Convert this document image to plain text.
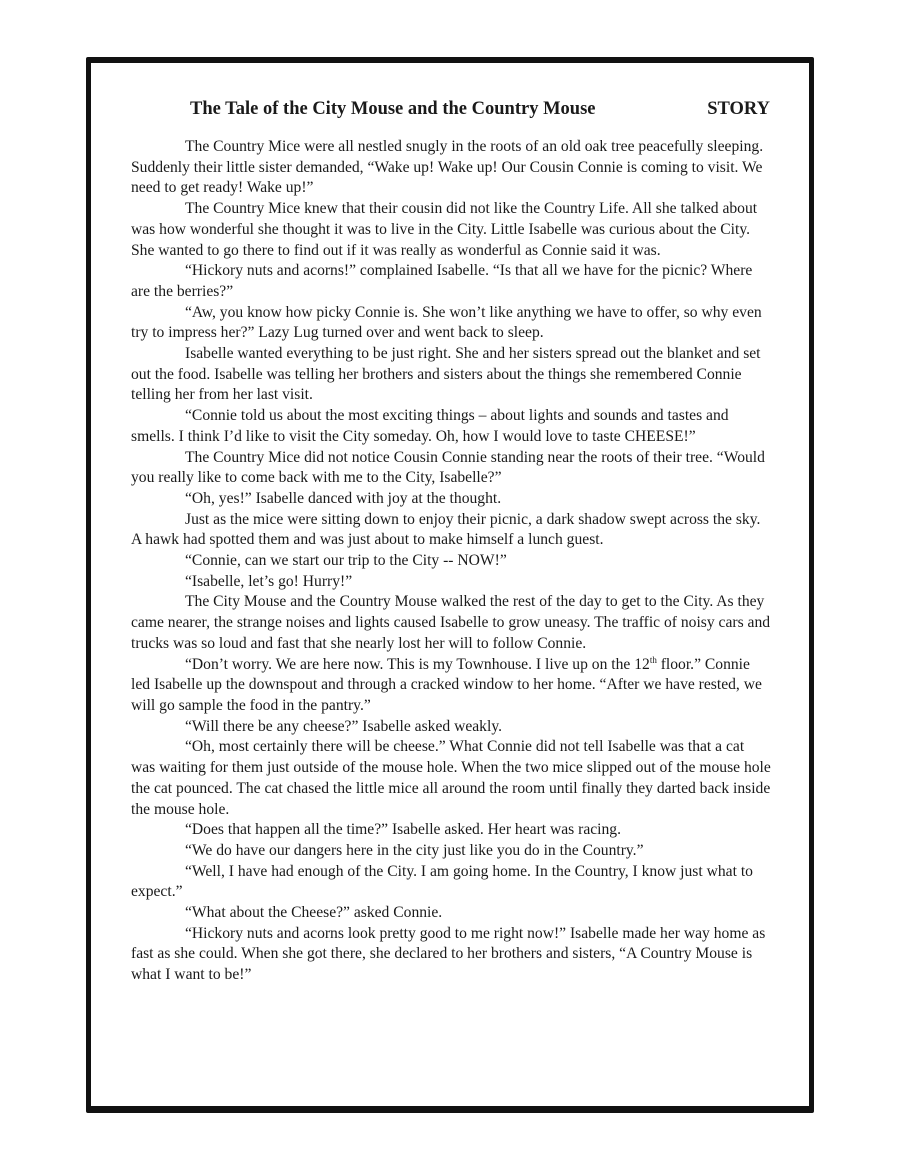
The Tale of the City Mouse and the Country Mouse	STORY

The Country Mice were all nestled snugly in the roots of an old oak tree peacefully sleeping. Suddenly their little sister demanded, “Wake up! Wake up! Our Cousin Connie is coming to visit. We need to get ready! Wake up!”

The Country Mice knew that their cousin did not like the Country Life. All she talked about was how wonderful she thought it was to live in the City. Little Isabelle was curious about the City. She wanted to go there to find out if it was really as wonderful as Connie said it was.

“Hickory nuts and acorns!” complained Isabelle. “Is that all we have for the picnic? Where are the berries?”

“Aw, you know how picky Connie is. She won’t like anything we have to offer, so why even try to impress her?” Lazy Lug turned over and went back to sleep.

Isabelle wanted everything to be just right. She and her sisters spread out the blanket and set out the food. Isabelle was telling her brothers and sisters about the things she remembered Connie telling her from her last visit.

“Connie told us about the most exciting things – about lights and sounds and tastes and smells. I think I’d like to visit the City someday. Oh, how I would love to taste CHEESE!”

The Country Mice did not notice Cousin Connie standing near the roots of their tree. “Would you really like to come back with me to the City, Isabelle?”

“Oh, yes!” Isabelle danced with joy at the thought.

Just as the mice were sitting down to enjoy their picnic, a dark shadow swept across the sky. A hawk had spotted them and was just about to make himself a lunch guest.

“Connie, can we start our trip to the City -- NOW!”

“Isabelle, let’s go! Hurry!”

The City Mouse and the Country Mouse walked the rest of the day to get to the City. As they came nearer, the strange noises and lights caused Isabelle to grow uneasy. The traffic of noisy cars and trucks was so loud and fast that she nearly lost her will to follow Connie.

“Don’t worry. We are here now. This is my Townhouse. I live up on the 12th floor.” Connie led Isabelle up the downspout and through a cracked window to her home. “After we have rested, we will go sample the food in the pantry.”

“Will there be any cheese?” Isabelle asked weakly.

“Oh, most certainly there will be cheese.” What Connie did not tell Isabelle was that a cat was waiting for them just outside of the mouse hole. When the two mice slipped out of the mouse hole the cat pounced. The cat chased the little mice all around the room until finally they darted back inside the mouse hole.

“Does that happen all the time?” Isabelle asked. Her heart was racing.

“We do have our dangers here in the city just like you do in the Country.”

“Well, I have had enough of the City. I am going home. In the Country, I know just what to expect.”

“What about the Cheese?” asked Connie.

“Hickory nuts and acorns look pretty good to me right now!” Isabelle made her way home as fast as she could. When she got there, she declared to her brothers and sisters, “A Country Mouse is what I want to be!”
